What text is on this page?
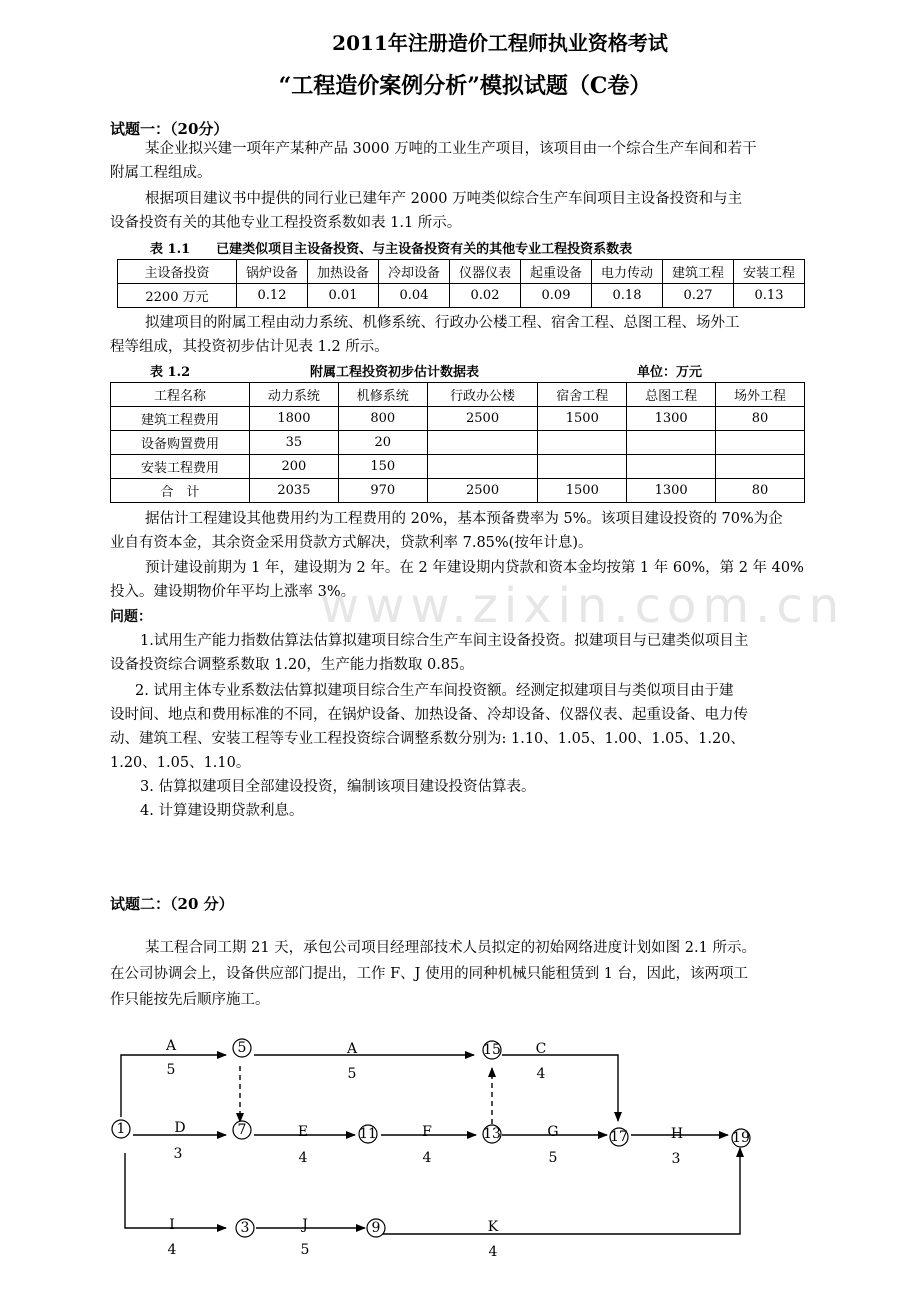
2011年注册造价工程师执业资格考试
“工程造价案例分析”模拟试题（C卷）
试题一：（20分）
某企业拟兴建一项年产某种产品 3000 万吨的工业生产项目，该项目由一个综合生产车间和若干
附属工程组成。
根据项目建议书中提供的同行业已建年产 2000 万吨类似综合生产车间项目主设备投资和与主
设备投资有关的其他专业工程投资系数如表 1.1 所示。
表 1.1　　已建类似项目主设备投资、与主设备投资有关的其他专业工程投资系数表
主设备投资	锅炉设备	加热设备	冷却设备	仪器仪表	起重设备	电力传动	建筑工程	安装工程
2200 万元	0.12	0.01	0.04	0.02	0.09	0.18	0.27	0.13
拟建项目的附属工程由动力系统、机修系统、行政办公楼工程、宿舍工程、总图工程、场外工
程等组成，其投资初步估计见表 1.2 所示。
表 1.2	附属工程投资初步估计数据表	单位：万元
工程名称	动力系统	机修系统	行政办公楼	宿舍工程	总图工程	场外工程
建筑工程费用	1800	800	2500	1500	1300	80
设备购置费用	35	20				
安装工程费用	200	150				
合　计	2035	970	2500	1500	1300	80
据估计工程建设其他费用约为工程费用的 20%，基本预备费率为 5%。该项目建设投资的 70%为企
业自有资本金，其余资金采用贷款方式解决，贷款利率 7.85%(按年计息)。
预计建设前期为 1 年，建设期为 2 年。在 2 年建设期内贷款和资本金均按第 1 年 60%，第 2 年 40%
投入。建设期物价年平均上涨率 3%。
www.zixin.com.cn
问题：
1.试用生产能力指数估算法估算拟建项目综合生产车间主设备投资。拟建项目与已建类似项目主
设备投资综合调整系数取 1.20，生产能力指数取 0.85。
2. 试用主体专业系数法估算拟建项目综合生产车间投资额。经测定拟建项目与类似项目由于建
设时间、地点和费用标准的不同，在锅炉设备、加热设备、冷却设备、仪器仪表、起重设备、电力传
动、建筑工程、安装工程等专业工程投资综合调整系数分别为: 1.10、1.05、1.00、1.05、1.20、
1.20、1.05、1.10。
3. 估算拟建项目全部建设投资，编制该项目建设投资估算表。
4. 计算建设期贷款利息。
试题二：（20 分）
某工程合同工期 21 天，承包公司项目经理部技术人员拟定的初始网络进度计划如图 2.1 所示。
在公司协调会上，设备供应部门提出，工作 F、J 使用的同种机械只能租赁到 1 台，因此，该两项工
作只能按先后顺序施工。
1
5
7
3
11
15
13
9
17	19
A
5
A
5
C
4
D
3
E
4
F
4
G
5
H
3
I
4
J
5
K
4
